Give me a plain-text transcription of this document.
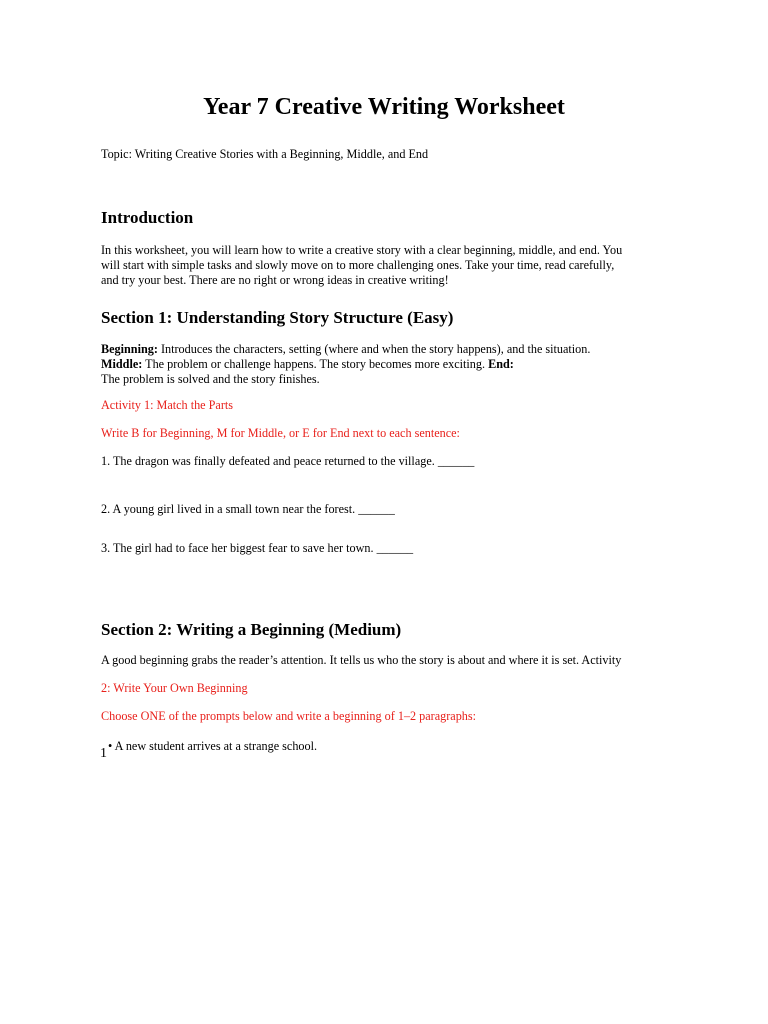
Year 7 Creative Writing Worksheet

Topic: Writing Creative Stories with a Beginning, Middle, and End

Introduction

In this worksheet, you will learn how to write a creative story with a clear beginning, middle, and end. You

will start with simple tasks and slowly move on to more challenging ones. Take your time, read carefully,

and try your best. There are no right or wrong ideas in creative writing!

Section 1: Understanding Story Structure (Easy)

Beginning: Introduces the characters, setting (where and when the story happens), and the situation.

Middle: The problem or challenge happens. The story becomes more exciting. End:

The problem is solved and the story finishes.

Activity 1: Match the Parts

Write B for Beginning, M for Middle, or E for End next to each sentence:

1. The dragon was finally defeated and peace returned to the village. ______

2. A young girl lived in a small town near the forest. ______

3. The girl had to face her biggest fear to save her town. ______

Section 2: Writing a Beginning (Medium)

A good beginning grabs the reader’s attention. It tells us who the story is about and where it is set. Activity

2: Write Your Own Beginning

Choose ONE of the prompts below and write a beginning of 1–2 paragraphs:

1 • A new student arrives at a strange school.
